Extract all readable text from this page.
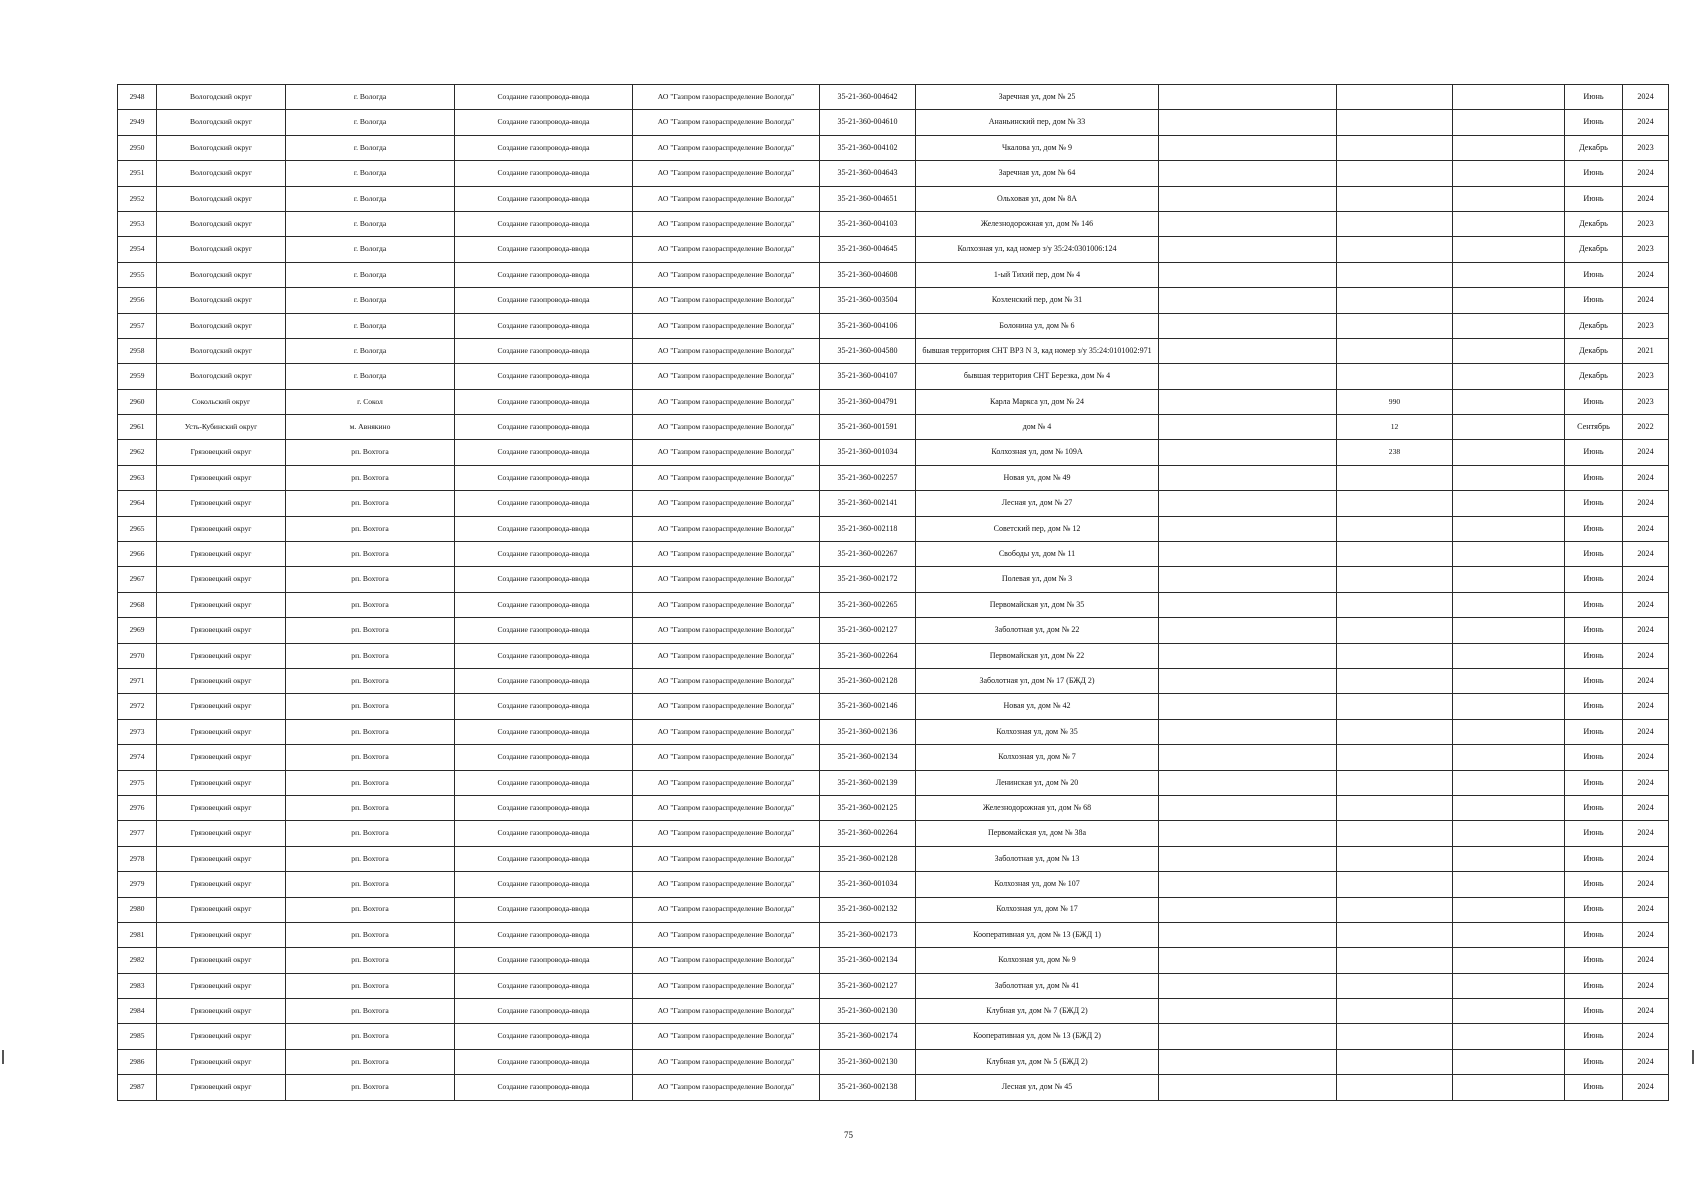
2948	Вологодский округ	г. Вологда	Создание газопровода-ввода	АО "Газпром газораспределение Вологда"	35-21-360-004642	Заречная ул, дом № 25				Июнь	2024
2949	Вологодский округ	г. Вологда	Создание газопровода-ввода	АО "Газпром газораспределение Вологда"	35-21-360-004610	Ананьинский пер, дом № 33				Июнь	2024
2950	Вологодский округ	г. Вологда	Создание газопровода-ввода	АО "Газпром газораспределение Вологда"	35-21-360-004102	Чкалова ул, дом № 9				Декабрь	2023
2951	Вологодский округ	г. Вологда	Создание газопровода-ввода	АО "Газпром газораспределение Вологда"	35-21-360-004643	Заречная ул, дом № 64				Июнь	2024
2952	Вологодский округ	г. Вологда	Создание газопровода-ввода	АО "Газпром газораспределение Вологда"	35-21-360-004651	Ольховая ул, дом № 8А				Июнь	2024
2953	Вологодский округ	г. Вологда	Создание газопровода-ввода	АО "Газпром газораспределение Вологда"	35-21-360-004103	Железнодорожная ул, дом № 146				Декабрь	2023
2954	Вологодский округ	г. Вологда	Создание газопровода-ввода	АО "Газпром газораспределение Вологда"	35-21-360-004645	Колхозная ул, кад номер з/у 35:24:0301006:124				Декабрь	2023
2955	Вологодский округ	г. Вологда	Создание газопровода-ввода	АО "Газпром газораспределение Вологда"	35-21-360-004608	1-ый Тихий пер, дом № 4				Июнь	2024
2956	Вологодский округ	г. Вологда	Создание газопровода-ввода	АО "Газпром газораспределение Вологда"	35-21-360-003504	Козленский пер, дом № 31				Июнь	2024
2957	Вологодский округ	г. Вологда	Создание газопровода-ввода	АО "Газпром газораспределение Вологда"	35-21-360-004106	Болонина ул, дом № 6				Декабрь	2023
2958	Вологодский округ	г. Вологда	Создание газопровода-ввода	АО "Газпром газораспределение Вологда"	35-21-360-004580	бывшая территория СНТ ВРЗ N 3, кад номер з/у 35:24:0101002:971				Декабрь	2021
2959	Вологодский округ	г. Вологда	Создание газопровода-ввода	АО "Газпром газораспределение Вологда"	35-21-360-004107	бывшая территория СНТ Березка, дом № 4				Декабрь	2023
2960	Сокольский округ	г. Сокол	Создание газопровода-ввода	АО "Газпром газораспределение Вологда"	35-21-360-004791	Карла Маркса ул, дом № 24		990		Июнь	2023
2961	Усть-Кубинский округ	м. Авнякино	Создание газопровода-ввода	АО "Газпром газораспределение Вологда"	35-21-360-001591	дом № 4		12		Сентябрь	2022
2962	Грязовецкий округ	рп. Вохтога	Создание газопровода-ввода	АО "Газпром газораспределение Вологда"	35-21-360-001034	Колхозная ул, дом № 109А		238		Июнь	2024
2963	Грязовецкий округ	рп. Вохтога	Создание газопровода-ввода	АО "Газпром газораспределение Вологда"	35-21-360-002257	Новая ул, дом № 49				Июнь	2024
2964	Грязовецкий округ	рп. Вохтога	Создание газопровода-ввода	АО "Газпром газораспределение Вологда"	35-21-360-002141	Лесная ул, дом № 27				Июнь	2024
2965	Грязовецкий округ	рп. Вохтога	Создание газопровода-ввода	АО "Газпром газораспределение Вологда"	35-21-360-002118	Советский пер, дом № 12				Июнь	2024
2966	Грязовецкий округ	рп. Вохтога	Создание газопровода-ввода	АО "Газпром газораспределение Вологда"	35-21-360-002267	Свободы ул, дом № 11				Июнь	2024
2967	Грязовецкий округ	рп. Вохтога	Создание газопровода-ввода	АО "Газпром газораспределение Вологда"	35-21-360-002172	Полевая ул, дом № 3				Июнь	2024
2968	Грязовецкий округ	рп. Вохтога	Создание газопровода-ввода	АО "Газпром газораспределение Вологда"	35-21-360-002265	Первомайская ул, дом № 35				Июнь	2024
2969	Грязовецкий округ	рп. Вохтога	Создание газопровода-ввода	АО "Газпром газораспределение Вологда"	35-21-360-002127	Заболотная ул, дом № 22				Июнь	2024
2970	Грязовецкий округ	рп. Вохтога	Создание газопровода-ввода	АО "Газпром газораспределение Вологда"	35-21-360-002264	Первомайская ул, дом № 22				Июнь	2024
2971	Грязовецкий округ	рп. Вохтога	Создание газопровода-ввода	АО "Газпром газораспределение Вологда"	35-21-360-002128	Заболотная ул, дом № 17 (БЖД 2)				Июнь	2024
2972	Грязовецкий округ	рп. Вохтога	Создание газопровода-ввода	АО "Газпром газораспределение Вологда"	35-21-360-002146	Новая ул, дом № 42				Июнь	2024
2973	Грязовецкий округ	рп. Вохтога	Создание газопровода-ввода	АО "Газпром газораспределение Вологда"	35-21-360-002136	Колхозная ул, дом № 35				Июнь	2024
2974	Грязовецкий округ	рп. Вохтога	Создание газопровода-ввода	АО "Газпром газораспределение Вологда"	35-21-360-002134	Колхозная ул, дом № 7				Июнь	2024
2975	Грязовецкий округ	рп. Вохтога	Создание газопровода-ввода	АО "Газпром газораспределение Вологда"	35-21-360-002139	Ленинская ул, дом № 20				Июнь	2024
2976	Грязовецкий округ	рп. Вохтога	Создание газопровода-ввода	АО "Газпром газораспределение Вологда"	35-21-360-002125	Железнодорожная ул, дом № 68				Июнь	2024
2977	Грязовецкий округ	рп. Вохтога	Создание газопровода-ввода	АО "Газпром газораспределение Вологда"	35-21-360-002264	Первомайская ул, дом № 38а				Июнь	2024
2978	Грязовецкий округ	рп. Вохтога	Создание газопровода-ввода	АО "Газпром газораспределение Вологда"	35-21-360-002128	Заболотная ул, дом № 13				Июнь	2024
2979	Грязовецкий округ	рп. Вохтога	Создание газопровода-ввода	АО "Газпром газораспределение Вологда"	35-21-360-001034	Колхозная ул, дом № 107				Июнь	2024
2980	Грязовецкий округ	рп. Вохтога	Создание газопровода-ввода	АО "Газпром газораспределение Вологда"	35-21-360-002132	Колхозная ул, дом № 17				Июнь	2024
2981	Грязовецкий округ	рп. Вохтога	Создание газопровода-ввода	АО "Газпром газораспределение Вологда"	35-21-360-002173	Кооперативная ул, дом № 13 (БЖД 1)				Июнь	2024
2982	Грязовецкий округ	рп. Вохтога	Создание газопровода-ввода	АО "Газпром газораспределение Вологда"	35-21-360-002134	Колхозная ул, дом № 9				Июнь	2024
2983	Грязовецкий округ	рп. Вохтога	Создание газопровода-ввода	АО "Газпром газораспределение Вологда"	35-21-360-002127	Заболотная ул, дом № 41				Июнь	2024
2984	Грязовецкий округ	рп. Вохтога	Создание газопровода-ввода	АО "Газпром газораспределение Вологда"	35-21-360-002130	Клубная ул, дом № 7 (БЖД 2)				Июнь	2024
2985	Грязовецкий округ	рп. Вохтога	Создание газопровода-ввода	АО "Газпром газораспределение Вологда"	35-21-360-002174	Кооперативная ул, дом № 13 (БЖД 2)				Июнь	2024
2986	Грязовецкий округ	рп. Вохтога	Создание газопровода-ввода	АО "Газпром газораспределение Вологда"	35-21-360-002130	Клубная ул, дом № 5 (БЖД 2)				Июнь	2024
2987	Грязовецкий округ	рп. Вохтога	Создание газопровода-ввода	АО "Газпром газораспределение Вологда"	35-21-360-002138	Лесная ул, дом № 45				Июнь	2024
75
